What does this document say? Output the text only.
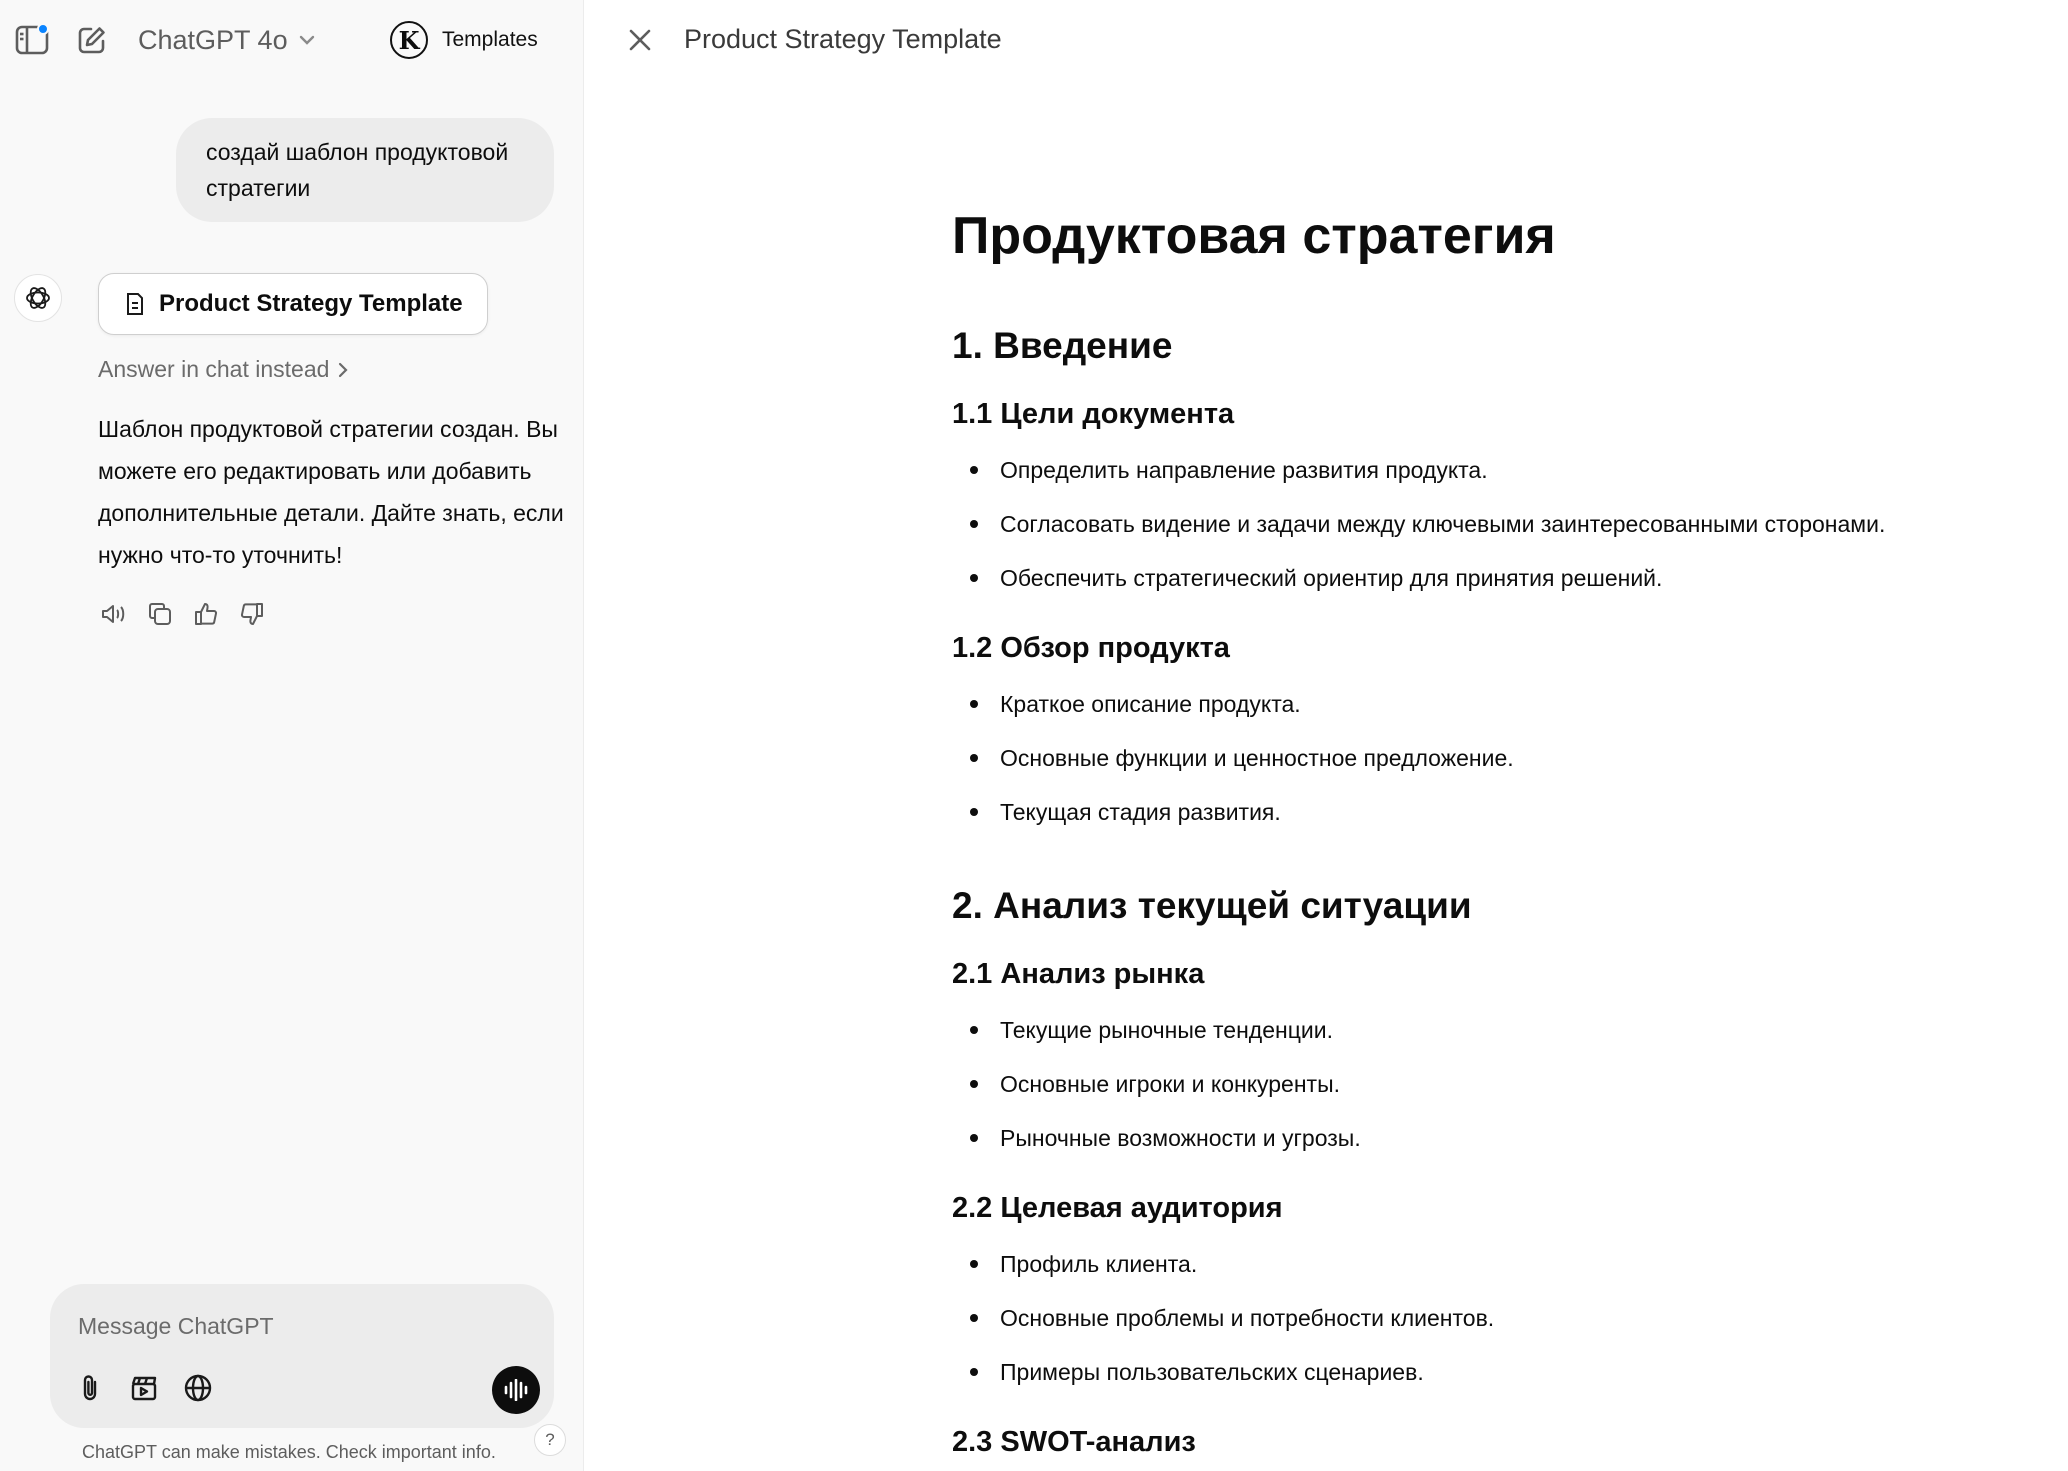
ChatGPT 4o	K	Templates
создай шаблон продуктовой стратегии
Product Strategy Template
Answer in chat instead
Шаблон продуктовой стратегии создан. Вы можете его редактировать или добавить дополнительные детали. Дайте знать, если нужно что-то уточнить!
Message ChatGPT
ChatGPT can make mistakes. Check important info.
?
Product Strategy Template
Продуктовая стратегия
1. Введение
1.1 Цели документа
Определить направление развития продукта.
Согласовать видение и задачи между ключевыми заинтересованными сторонами.
Обеспечить стратегический ориентир для принятия решений.
1.2 Обзор продукта
Краткое описание продукта.
Основные функции и ценностное предложение.
Текущая стадия развития.
2. Анализ текущей ситуации
2.1 Анализ рынка
Текущие рыночные тенденции.
Основные игроки и конкуренты.
Рыночные возможности и угрозы.
2.2 Целевая аудитория
Профиль клиента.
Основные проблемы и потребности клиентов.
Примеры пользовательских сценариев.
2.3 SWOT-анализ
